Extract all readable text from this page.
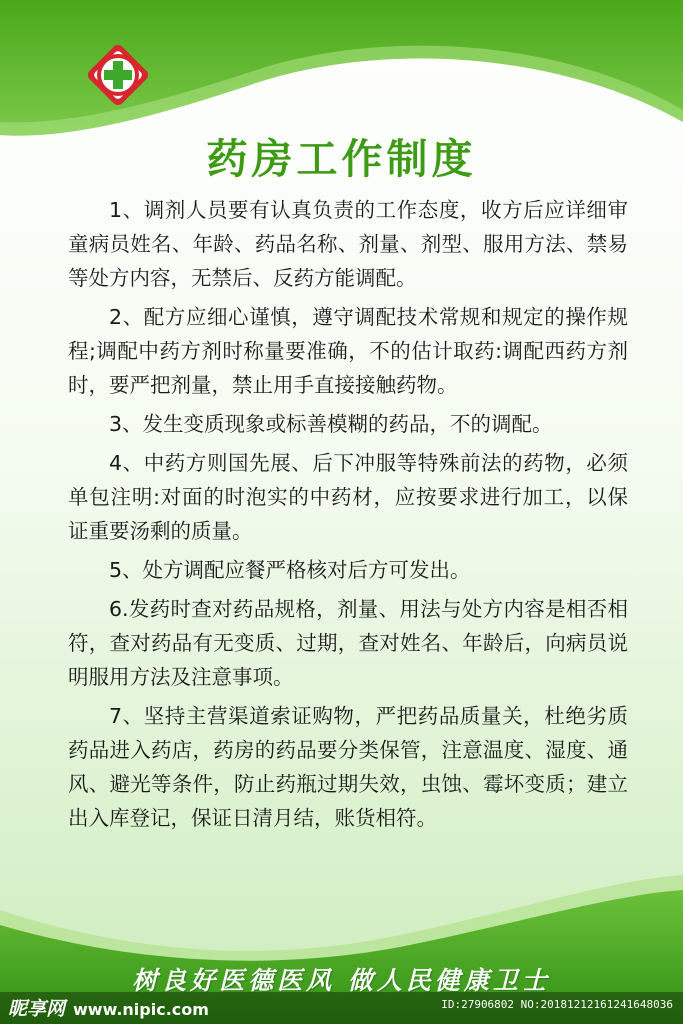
药房工作制度

1、调剂人员要有认真负责的工作态度，收方后应详细审童病员姓名、年龄、药品名称、剂量、剂型、服用方法、禁易等处方内容，无禁后、反药方能调配。

2、配方应细心谨慎，遵守调配技术常规和规定的操作规程;调配中药方剂时称量要准确，不的估计取药:调配西药方剂时，要严把剂量，禁止用手直接接触药物。

3、发生变质现象或标善模糊的药品，不的调配。

4、中药方则国先展、后下冲服等特殊前法的药物，必须单包注明:对面的时泡实的中药材，应按要求进行加工，以保证重要汤剩的质量。

5、处方调配应餐严格核对后方可发出。

6.发药时查对药品规格，剂量、用法与处方内容是相否相符，查对药品有无变质、过期，查对姓名、年龄后，向病员说明服用方法及注意事项。

7、坚持主营渠道索证购物，严把药品质量关，杜绝劣质药品进入药店，药房的药品要分类保管，注意温度、湿度、通风、避光等条件，防止药瓶过期失效，虫蚀、霉坏变质；建立出入库登记，保证日清月结，账货相符。

树良好医德医风 做人民健康卫士
昵享网 www.nipic.com	ID:27906802 NO:20181212161241648036
